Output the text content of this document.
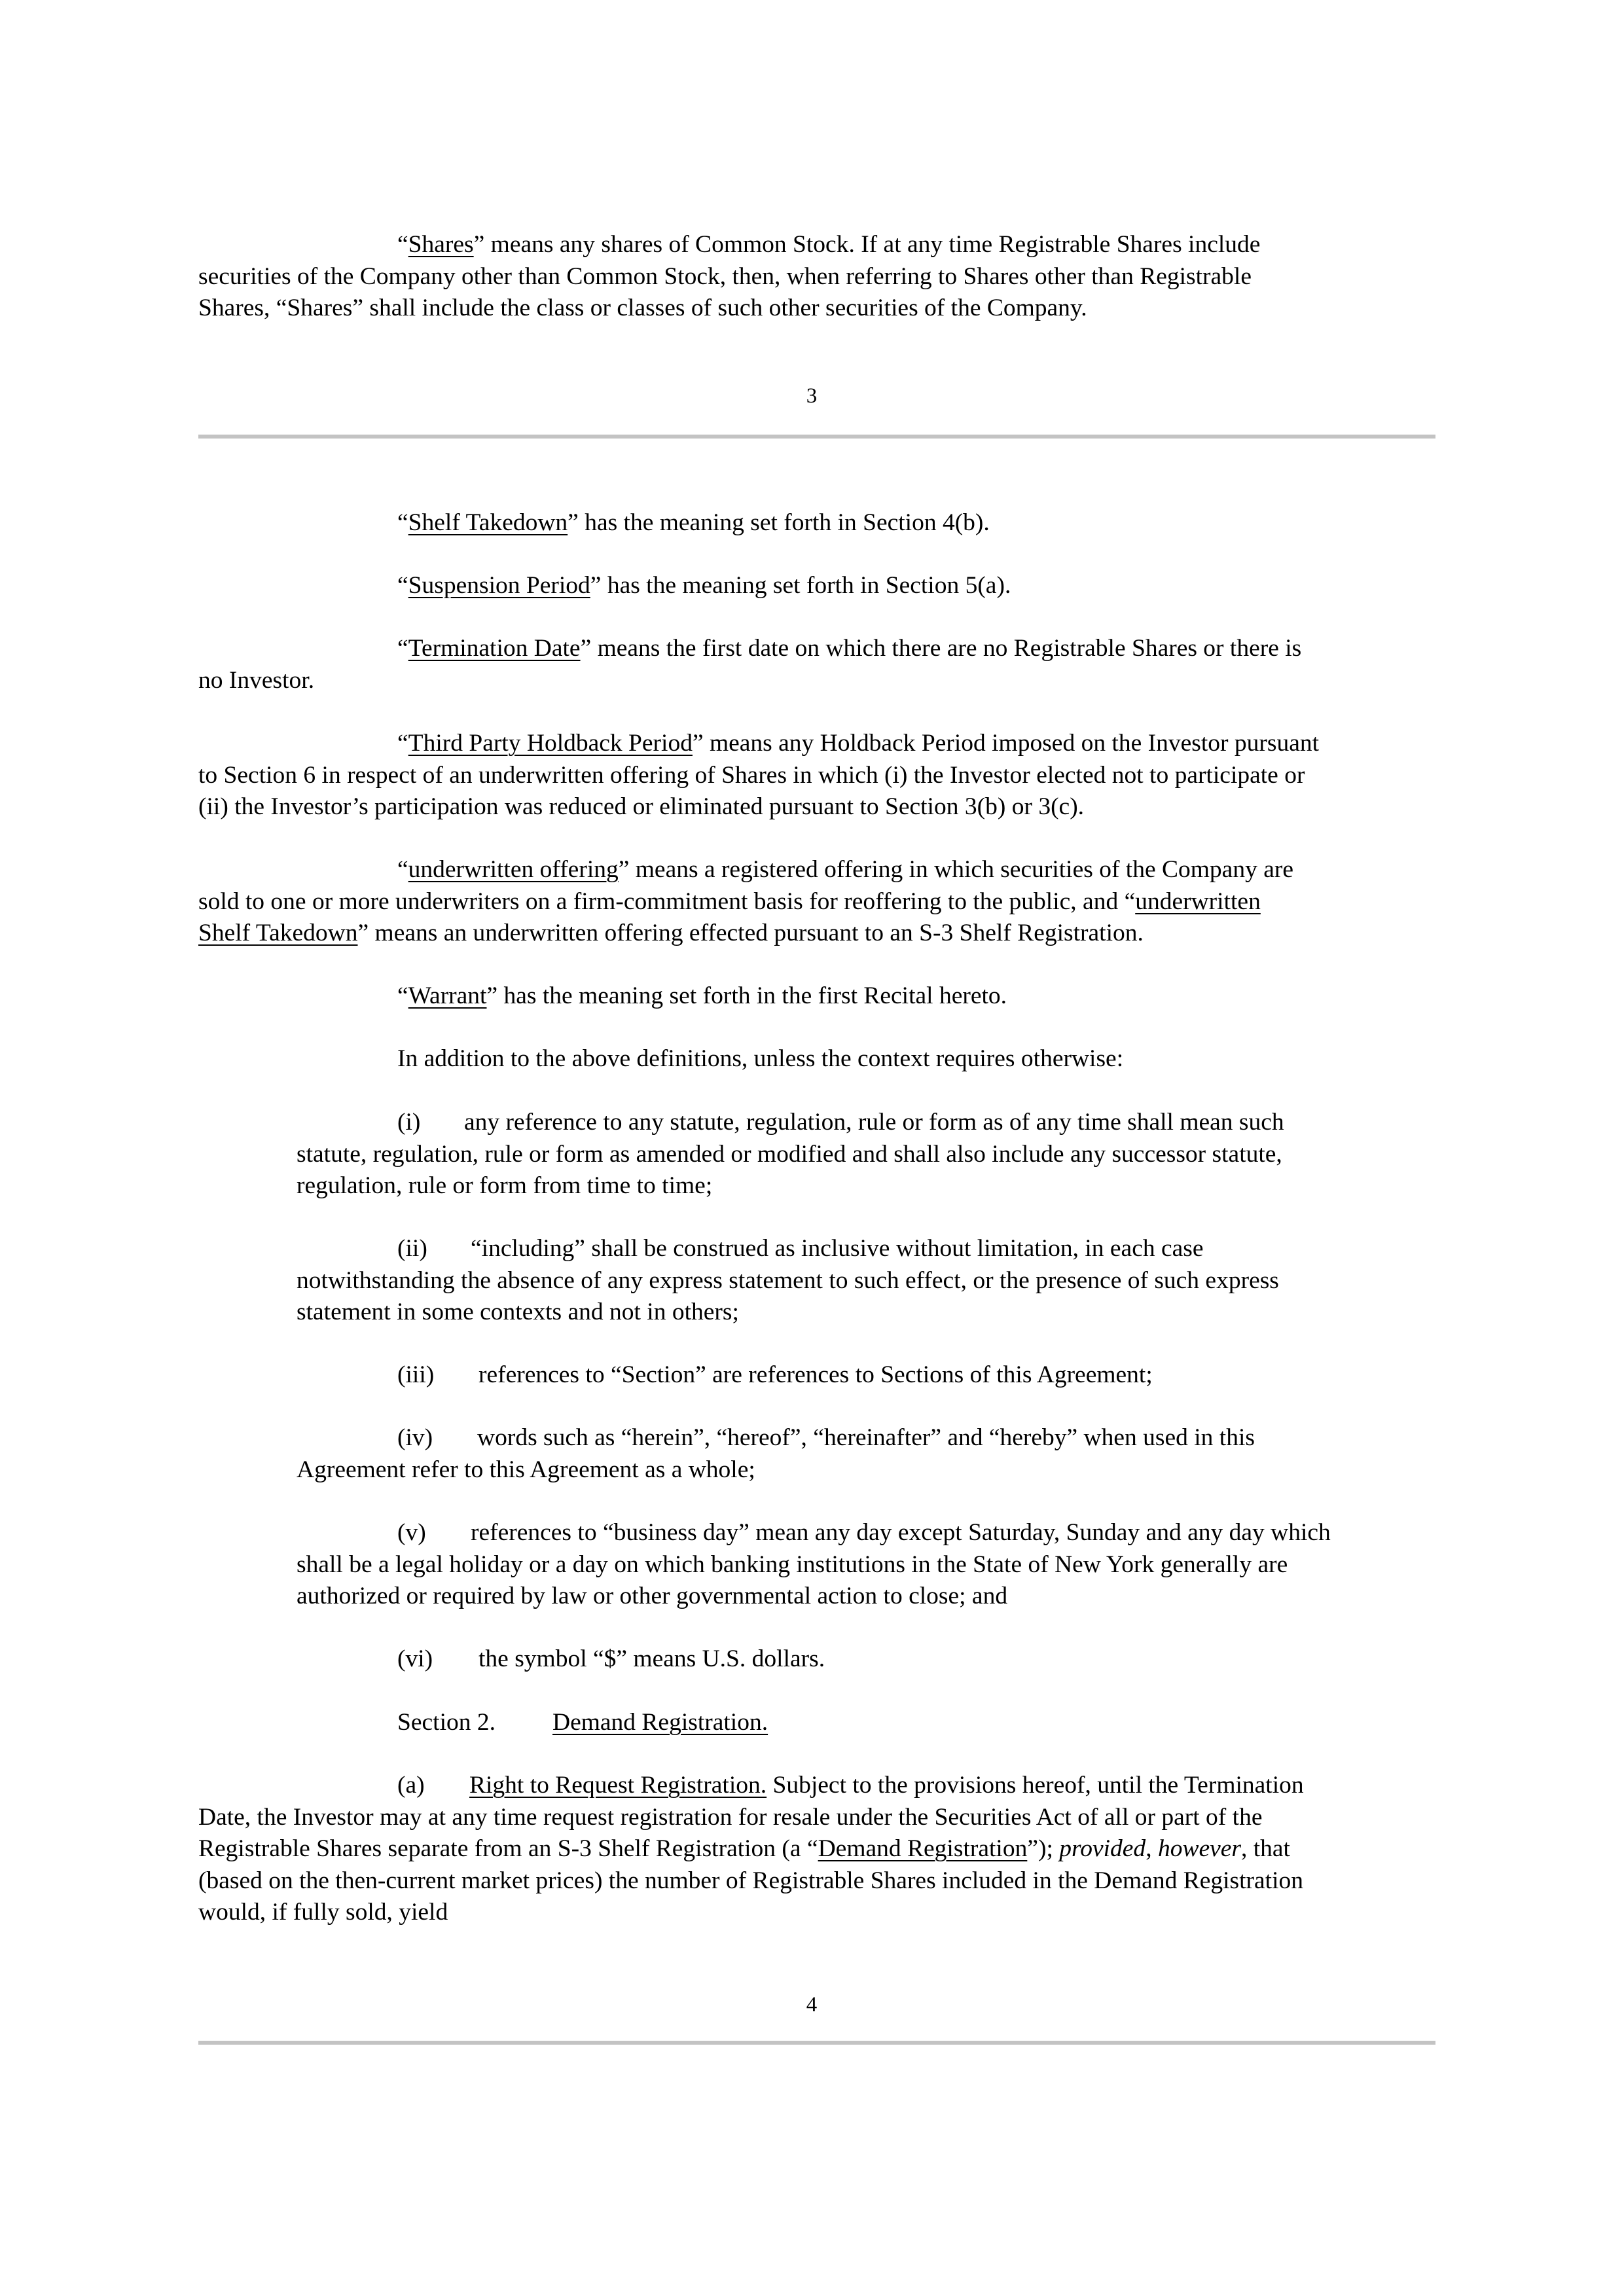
“Shares” means any shares of Common Stock. If at any time Registrable Shares include
securities of the Company other than Common Stock, then, when referring to Shares other than Registrable
Shares, “Shares” shall include the class or classes of such other securities of the Company.
3
“Shelf Takedown” has the meaning set forth in Section 4(b).
“Suspension Period” has the meaning set forth in Section 5(a).
“Termination Date” means the first date on which there are no Registrable Shares or there is
no Investor.
“Third Party Holdback Period” means any Holdback Period imposed on the Investor pursuant
to Section 6 in respect of an underwritten offering of Shares in which (i) the Investor elected not to participate or
(ii) the Investor’s participation was reduced or eliminated pursuant to Section 3(b) or 3(c).
“underwritten offering” means a registered offering in which securities of the Company are
sold to one or more underwriters on a firm-commitment basis for reoffering to the public, and “underwritten
Shelf Takedown” means an underwritten offering effected pursuant to an S-3 Shelf Registration.
“Warrant” has the meaning set forth in the first Recital hereto.
In addition to the above definitions, unless the context requires otherwise:
(i) any reference to any statute, regulation, rule or form as of any time shall mean such
statute, regulation, rule or form as amended or modified and shall also include any successor statute,
regulation, rule or form from time to time;
(ii) “including” shall be construed as inclusive without limitation, in each case
notwithstanding the absence of any express statement to such effect, or the presence of such express
statement in some contexts and not in others;
(iii) references to “Section” are references to Sections of this Agreement;
(iv) words such as “herein”, “hereof”, “hereinafter” and “hereby” when used in this
Agreement refer to this Agreement as a whole;
(v) references to “business day” mean any day except Saturday, Sunday and any day which
shall be a legal holiday or a day on which banking institutions in the State of New York generally are
authorized or required by law or other governmental action to close; and
(vi) the symbol “$” means U.S. dollars.
Section 2. Demand Registration.
(a) Right to Request Registration. Subject to the provisions hereof, until the Termination
Date, the Investor may at any time request registration for resale under the Securities Act of all or part of the
Registrable Shares separate from an S-3 Shelf Registration (a “Demand Registration”); provided, however, that
(based on the then-current market prices) the number of Registrable Shares included in the Demand Registration
would, if fully sold, yield
4
